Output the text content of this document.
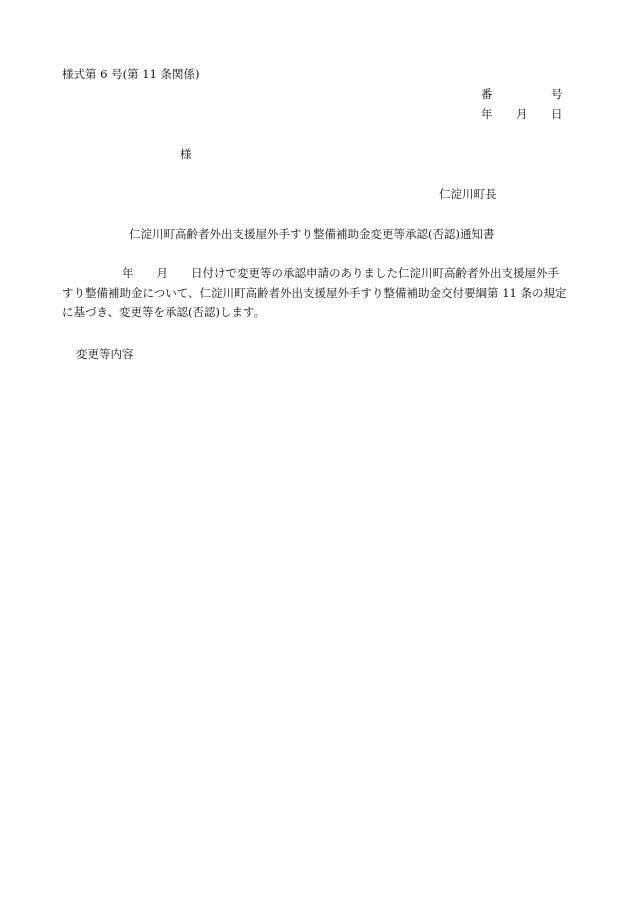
様式第 6 号(第 11 条関係)
番	号
年 月 日
様
仁淀川町長
仁淀川町高齢者外出支援屋外手すり整備補助金変更等承認(否認)通知書
年 月 日付けで変更等の承認申請のありました仁淀川町高齢者外出支援屋外手
すり整備補助金について、仁淀川町高齢者外出支援屋外手すり整備補助金交付要綱第 11 条の規定
に基づき、変更等を承認(否認)します。
変更等内容
